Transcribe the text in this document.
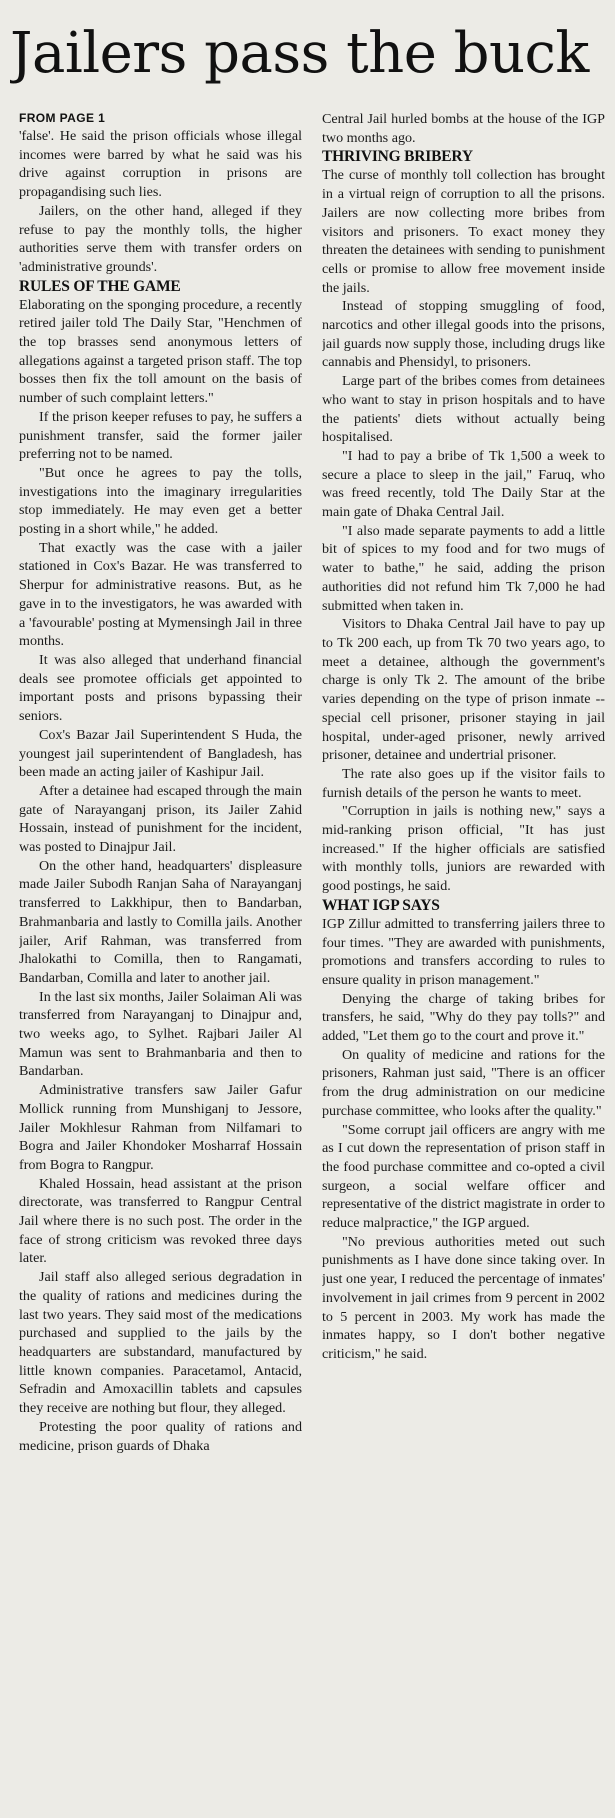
Jailers pass the buck
FROM PAGE 1

'false'. He said the prison officials whose illegal incomes were barred by what he said was his drive against corruption in prisons are propagandising such lies.

Jailers, on the other hand, alleged if they refuse to pay the monthly tolls, the higher authorities serve them with transfer orders on 'administrative grounds'.

RULES OF THE GAME

Elaborating on the sponging procedure, a recently retired jailer told The Daily Star, "Henchmen of the top brasses send anonymous letters of allegations against a targeted prison staff. The top bosses then fix the toll amount on the basis of number of such complaint letters."

If the prison keeper refuses to pay, he suffers a punishment transfer, said the former jailer preferring not to be named.

"But once he agrees to pay the tolls, investigations into the imaginary irregularities stop immediately. He may even get a better posting in a short while," he added.

That exactly was the case with a jailer stationed in Cox's Bazar. He was transferred to Sherpur for administrative reasons. But, as he gave in to the investigators, he was awarded with a 'favourable' posting at Mymensingh Jail in three months.

It was also alleged that underhand financial deals see promotee officials get appointed to important posts and prisons bypassing their seniors.

Cox's Bazar Jail Superintendent S Huda, the youngest jail superintendent of Bangladesh, has been made an acting jailer of Kashipur Jail.

After a detainee had escaped through the main gate of Narayanganj prison, its Jailer Zahid Hossain, instead of punishment for the incident, was posted to Dinajpur Jail.

On the other hand, headquarters' displeasure made Jailer Subodh Ranjan Saha of Narayanganj transferred to Lakkhipur, then to Bandarban, Brahmanbaria and lastly to Comilla jails. Another jailer, Arif Rahman, was transferred from Jhalokathi to Comilla, then to Rangamati, Bandarban, Comilla and later to another jail.

In the last six months, Jailer Solaiman Ali was transferred from Narayanganj to Dinajpur and, two weeks ago, to Sylhet. Rajbari Jailer Al Mamun was sent to Brahmanbaria and then to Bandarban.

Administrative transfers saw Jailer Gafur Mollick running from Munshiganj to Jessore, Jailer Mokhlesur Rahman from Nilfamari to Bogra and Jailer Khondoker Mosharraf Hossain from Bogra to Rangpur.

Khaled Hossain, head assistant at the prison directorate, was transferred to Rangpur Central Jail where there is no such post. The order in the face of strong criticism was revoked three days later.

Jail staff also alleged serious degradation in the quality of rations and medicines during the last two years. They said most of the medications purchased and supplied to the jails by the headquarters are substandard, manufactured by little known companies. Paracetamol, Antacid, Sefradin and Amoxacillin tablets and capsules they receive are nothing but flour, they alleged.

Protesting the poor quality of rations and medicine, prison guards of Dhaka

Central Jail hurled bombs at the house of the IGP two months ago.

THRIVING BRIBERY

The curse of monthly toll collection has brought in a virtual reign of corruption to all the prisons. Jailers are now collecting more bribes from visitors and prisoners. To exact money they threaten the detainees with sending to punishment cells or promise to allow free movement inside the jails.

Instead of stopping smuggling of food, narcotics and other illegal goods into the prisons, jail guards now supply those, including drugs like cannabis and Phensidyl, to prisoners.

Large part of the bribes comes from detainees who want to stay in prison hospitals and to have the patients' diets without actually being hospitalised.

"I had to pay a bribe of Tk 1,500 a week to secure a place to sleep in the jail," Faruq, who was freed recently, told The Daily Star at the main gate of Dhaka Central Jail.

"I also made separate payments to add a little bit of spices to my food and for two mugs of water to bathe," he said, adding the prison authorities did not refund him Tk 7,000 he had submitted when taken in.

Visitors to Dhaka Central Jail have to pay up to Tk 200 each, up from Tk 70 two years ago, to meet a detainee, although the government's charge is only Tk 2. The amount of the bribe varies depending on the type of prison inmate -- special cell prisoner, prisoner staying in jail hospital, under-aged prisoner, newly arrived prisoner, detainee and undertrial prisoner.

The rate also goes up if the visitor fails to furnish details of the person he wants to meet.

"Corruption in jails is nothing new," says a mid-ranking prison official, "It has just increased." If the higher officials are satisfied with monthly tolls, juniors are rewarded with good postings, he said.

WHAT IGP SAYS

IGP Zillur admitted to transferring jailers three to four times. "They are awarded with punishments, promotions and transfers according to rules to ensure quality in prison management."

Denying the charge of taking bribes for transfers, he said, "Why do they pay tolls?" and added, "Let them go to the court and prove it."

On quality of medicine and rations for the prisoners, Rahman just said, "There is an officer from the drug administration on our medicine purchase committee, who looks after the quality."

"Some corrupt jail officers are angry with me as I cut down the representation of prison staff in the food purchase committee and co-opted a civil surgeon, a social welfare officer and representative of the district magistrate in order to reduce malpractice," the IGP argued.

"No previous authorities meted out such punishments as I have done since taking over. In just one year, I reduced the percentage of inmates' involvement in jail crimes from 9 percent in 2002 to 5 percent in 2003. My work has made the inmates happy, so I don't bother negative criticism," he said.
